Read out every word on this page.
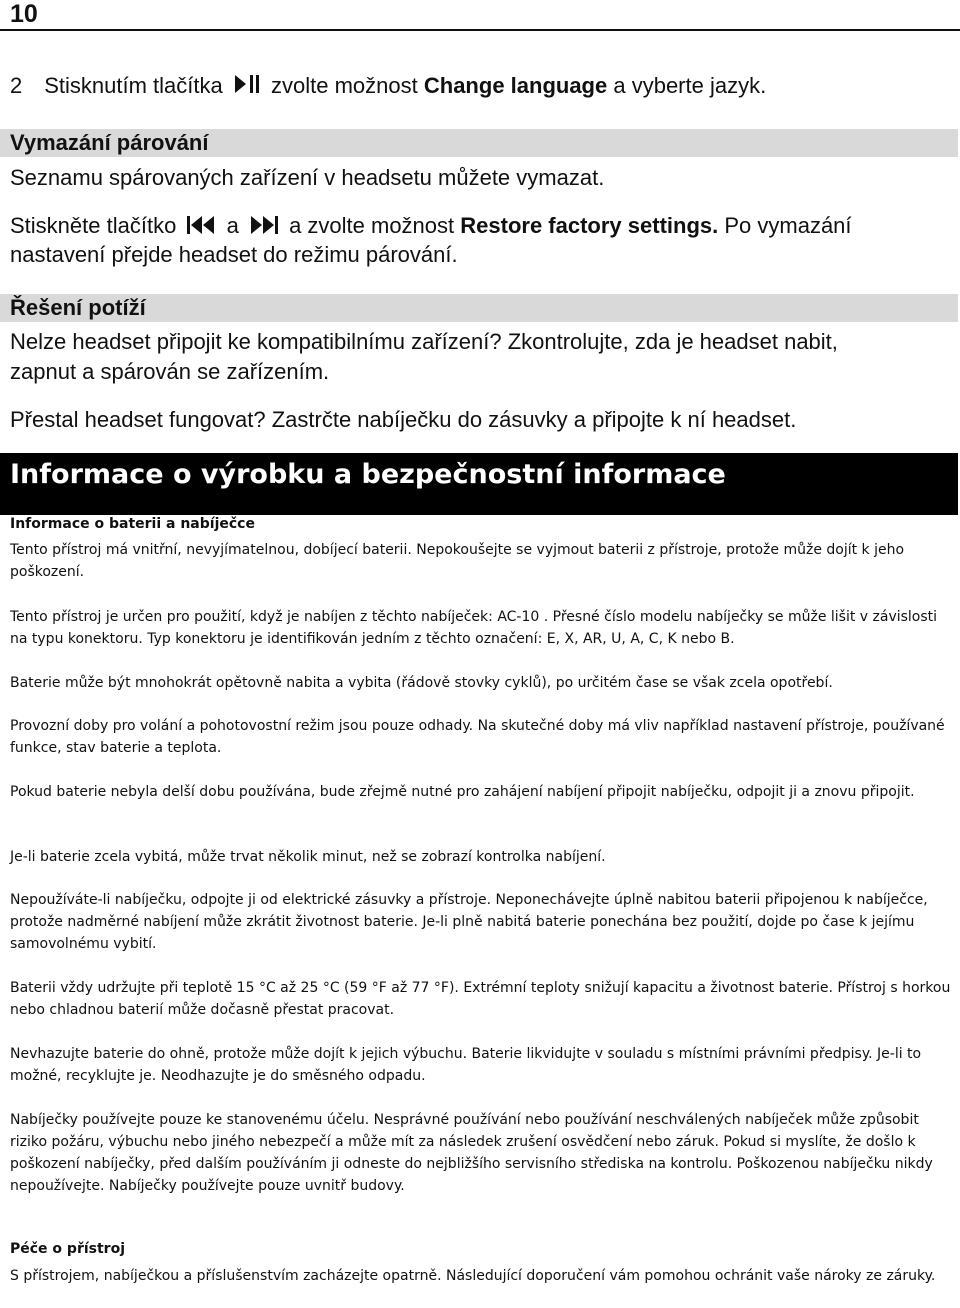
10
2 Stisknutím tlačítka zvolte možnost Change language a vyberte jazyk.
Vymazání párování
Seznamu spárovaných zařízení v headsetu můžete vymazat.
Stiskněte tlačítko a a zvolte možnost Restore factory settings. Po vymazání
nastavení přejde headset do režimu párování.
Řešení potíží
Nelze headset připojit ke kompatibilnímu zařízení? Zkontrolujte, zda je headset nabit,
zapnut a spárován se zařízením.
Přestal headset fungovat? Zastrčte nabíječku do zásuvky a připojte k ní headset.
Informace o výrobku a bezpečnostní informace
Informace o baterii a nabíječce
Tento přístroj má vnitřní, nevyjímatelnou, dobíjecí baterii. Nepokoušejte se vyjmout baterii z přístroje, protože může dojít k jeho poškození.
Tento přístroj je určen pro použití, když je nabíjen z těchto nabíječek: AC-10 . Přesné číslo modelu nabíječky se může lišit v závislosti na typu konektoru. Typ konektoru je identifikován jedním z těchto označení: E, X, AR, U, A, C, K nebo B.
Baterie může být mnohokrát opětovně nabita a vybita (řádově stovky cyklů), po určitém čase se však zcela opotřebí.
Provozní doby pro volání a pohotovostní režim jsou pouze odhady. Na skutečné doby má vliv například nastavení přístroje, používané funkce, stav baterie a teplota.
Pokud baterie nebyla delší dobu používána, bude zřejmě nutné pro zahájení nabíjení připojit nabíječku, odpojit ji a znovu připojit.
Je-li baterie zcela vybitá, může trvat několik minut, než se zobrazí kontrolka nabíjení.
Nepoužíváte-li nabíječku, odpojte ji od elektrické zásuvky a přístroje. Neponechávejte úplně nabitou baterii připojenou k nabíječce, protože nadměrné nabíjení může zkrátit životnost baterie. Je-li plně nabitá baterie ponechána bez použití, dojde po čase k jejímu samovolnému vybití.
Baterii vždy udržujte při teplotě 15 °C až 25 °C (59 °F až 77 °F). Extrémní teploty snižují kapacitu a životnost baterie. Přístroj s horkou nebo chladnou baterií může dočasně přestat pracovat.
Nevhazujte baterie do ohně, protože může dojít k jejich výbuchu. Baterie likvidujte v souladu s místními právními předpisy. Je-li to možné, recyklujte je. Neodhazujte je do směsného odpadu.
Nabíječky používejte pouze ke stanovenému účelu. Nesprávné používání nebo používání neschválených nabíječek může způsobit riziko požáru, výbuchu nebo jiného nebezpečí a může mít za následek zrušení osvědčení nebo záruk. Pokud si myslíte, že došlo k poškození nabíječky, před dalším používáním ji odneste do nejbližšího servisního střediska na kontrolu. Poškozenou nabíječku nikdy nepoužívejte. Nabíječky používejte pouze uvnitř budovy.
Péče o přístroj
S přístrojem, nabíječkou a příslušenstvím zacházejte opatrně. Následující doporučení vám pomohou ochránit vaše nároky ze záruky.
